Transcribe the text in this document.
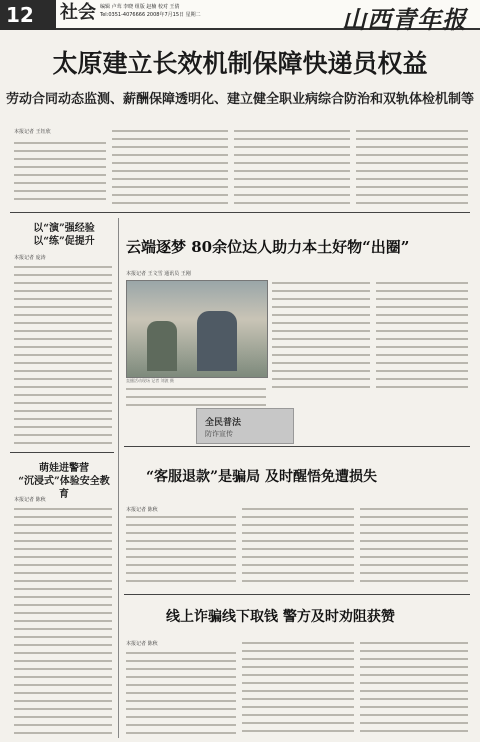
12	社会 编辑 卢茸 李晓 组版 赵楠 校对 王倩
Tel:0351-4076666 2008年7月15日 星期二	山西青年报
太原建立长效机制保障快递员权益
劳动合同动态监测、薪酬保障透明化、建立健全职业病综合防治和双轨体检机制等
本报记者 王钰欣
以“演”强经验
以“练”促提升
本报记者 庞涛
萌娃进警营
“沉浸式”体验安全教育
本报记者 陈秋
云端逐梦 80余位达人助力本土好物“出圈”
本报记者 王文雪 通讯员 王刚
直播活动现场 记者 刘波 摄
全民普法
防诈宣传
“客服退款”是骗局 及时醒悟免遭损失
本报记者 陈秋
线上诈骗线下取钱 警方及时劝阻获赞
本报记者 陈秋
